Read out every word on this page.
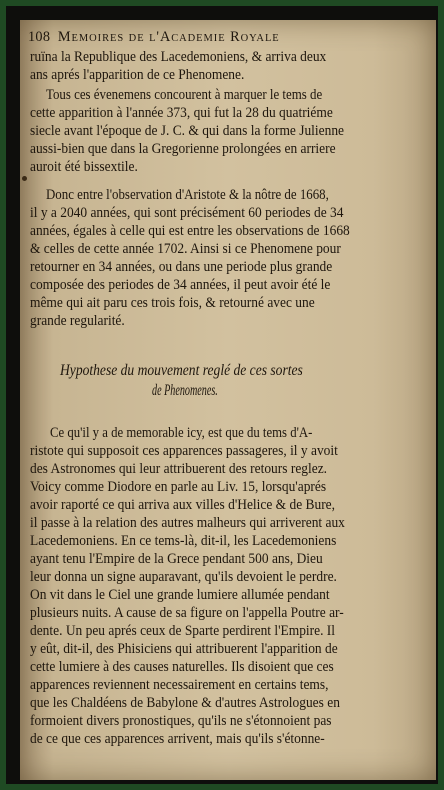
108 Memoires de l'Academie Royale
ruïna la Republique des Lacedemoniens, & arriva deux
ans aprés l'apparition de ce Phenomene.
Tous ces évenemens concourent à marquer le tems de
cette apparition à l'année 373, qui fut la 28 du quatriéme
siecle avant l'époque de J. C. & qui dans la forme Julienne
aussi-bien que dans la Gregorienne prolongées en arriere
auroit été bissextile.
Donc entre l'observation d'Aristote & la nôtre de 1668,
il y a 2040 années, qui sont précisément 60 periodes de 34
années, égales à celle qui est entre les observations de 1668
& celles de cette année 1702. Ainsi si ce Phenomene pour
retourner en 34 années, ou dans une periode plus grande
composée des periodes de 34 années, il peut avoir été le
même qui ait paru ces trois fois, & retourné avec une
grande regularité.
Hypothese du mouvement reglé de ces sortes
de Phenomenes.
Ce qu'il y a de memorable icy, est que du tems d'A-
ristote qui supposoit ces apparences passageres, il y avoit
des Astronomes qui leur attribuerent des retours reglez.
Voicy comme Diodore en parle au Liv. 15, lorsqu'aprés
avoir raporté ce qui arriva aux villes d'Helice & de Bure,
il passe à la relation des autres malheurs qui arriverent aux
Lacedemoniens. En ce tems-là, dit-il, les Lacedemoniens
ayant tenu l'Empire de la Grece pendant 500 ans, Dieu
leur donna un signe auparavant, qu'ils devoient le perdre.
On vit dans le Ciel une grande lumiere allumée pendant
plusieurs nuits. A cause de sa figure on l'appella Poutre ar-
dente. Un peu aprés ceux de Sparte perdirent l'Empire. Il
y eût, dit-il, des Phisiciens qui attribuerent l'apparition de
cette lumiere à des causes naturelles. Ils disoient que ces
apparences reviennent necessairement en certains tems,
que les Chaldéens de Babylone & d'autres Astrologues en
formoient divers pronostiques, qu'ils ne s'étonnoient pas
de ce que ces apparences arrivent, mais qu'ils s'étonne-
